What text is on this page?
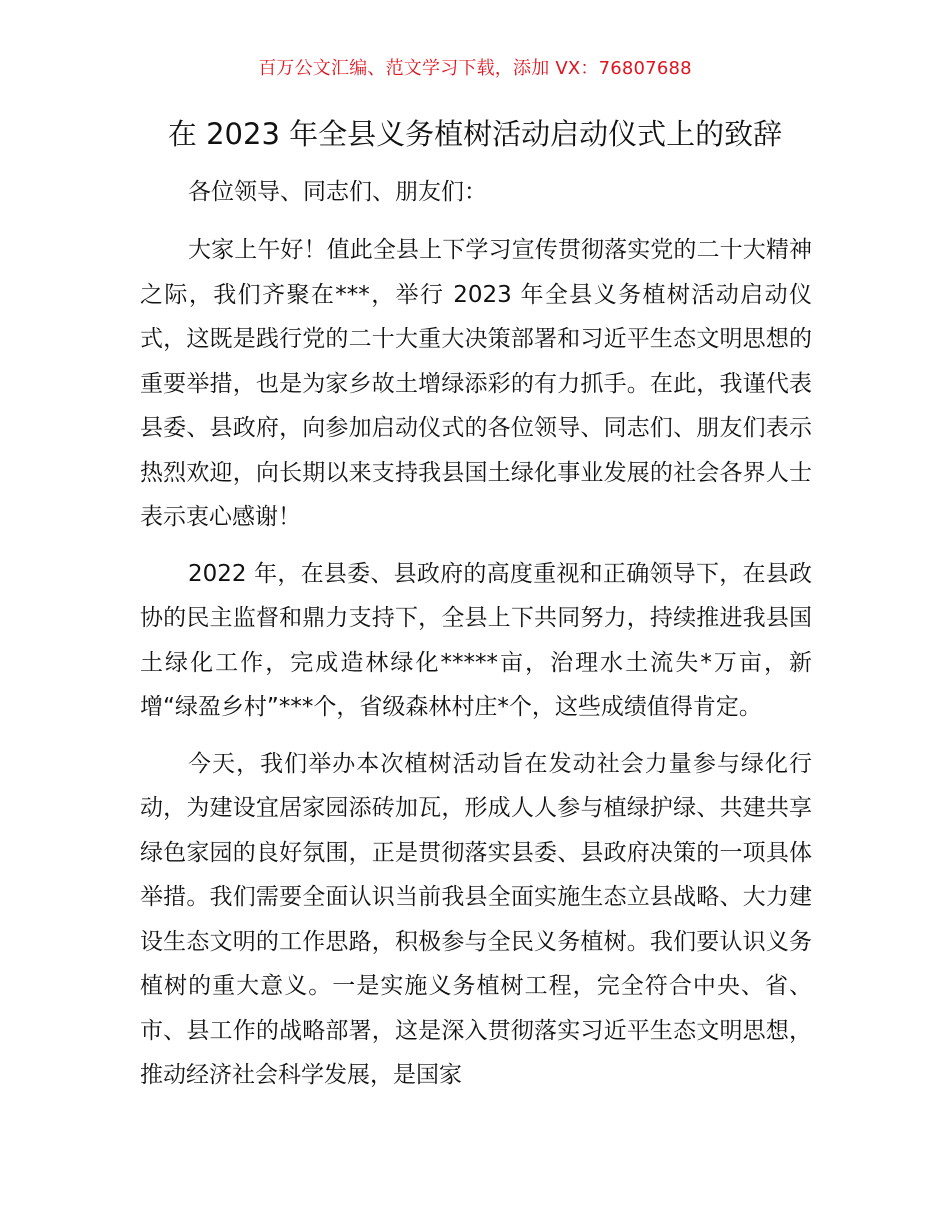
百万公文汇编、范文学习下载，添加 VX：76807688
在 2023 年全县义务植树活动启动仪式上的致辞

各位领导、同志们、朋友们：

大家上午好！值此全县上下学习宣传贯彻落实党的二十大精神之际，我们齐聚在***，举行 2023 年全县义务植树活动启动仪式，这既是践行党的二十大重大决策部署和习近平生态文明思想的重要举措，也是为家乡故土增绿添彩的有力抓手。在此，我谨代表县委、县政府，向参加启动仪式的各位领导、同志们、朋友们表示热烈欢迎，向长期以来支持我县国土绿化事业发展的社会各界人士表示衷心感谢！

2022 年，在县委、县政府的高度重视和正确领导下，在县政协的民主监督和鼎力支持下，全县上下共同努力，持续推进我县国土绿化工作，完成造林绿化*****亩，治理水土流失*万亩，新增“绿盈乡村”***个，省级森林村庄*个，这些成绩值得肯定。

今天，我们举办本次植树活动旨在发动社会力量参与绿化行动，为建设宜居家园添砖加瓦，形成人人参与植绿护绿、共建共享绿色家园的良好氛围，正是贯彻落实县委、县政府决策的一项具体举措。我们需要全面认识当前我县全面实施生态立县战略、大力建设生态文明的工作思路，积极参与全民义务植树。我们要认识义务植树的重大意义。一是实施义务植树工程，完全符合中央、省、市、县工作的战略部署，这是深入贯彻落实习近平生态文明思想，推动经济社会科学发展，是国家
